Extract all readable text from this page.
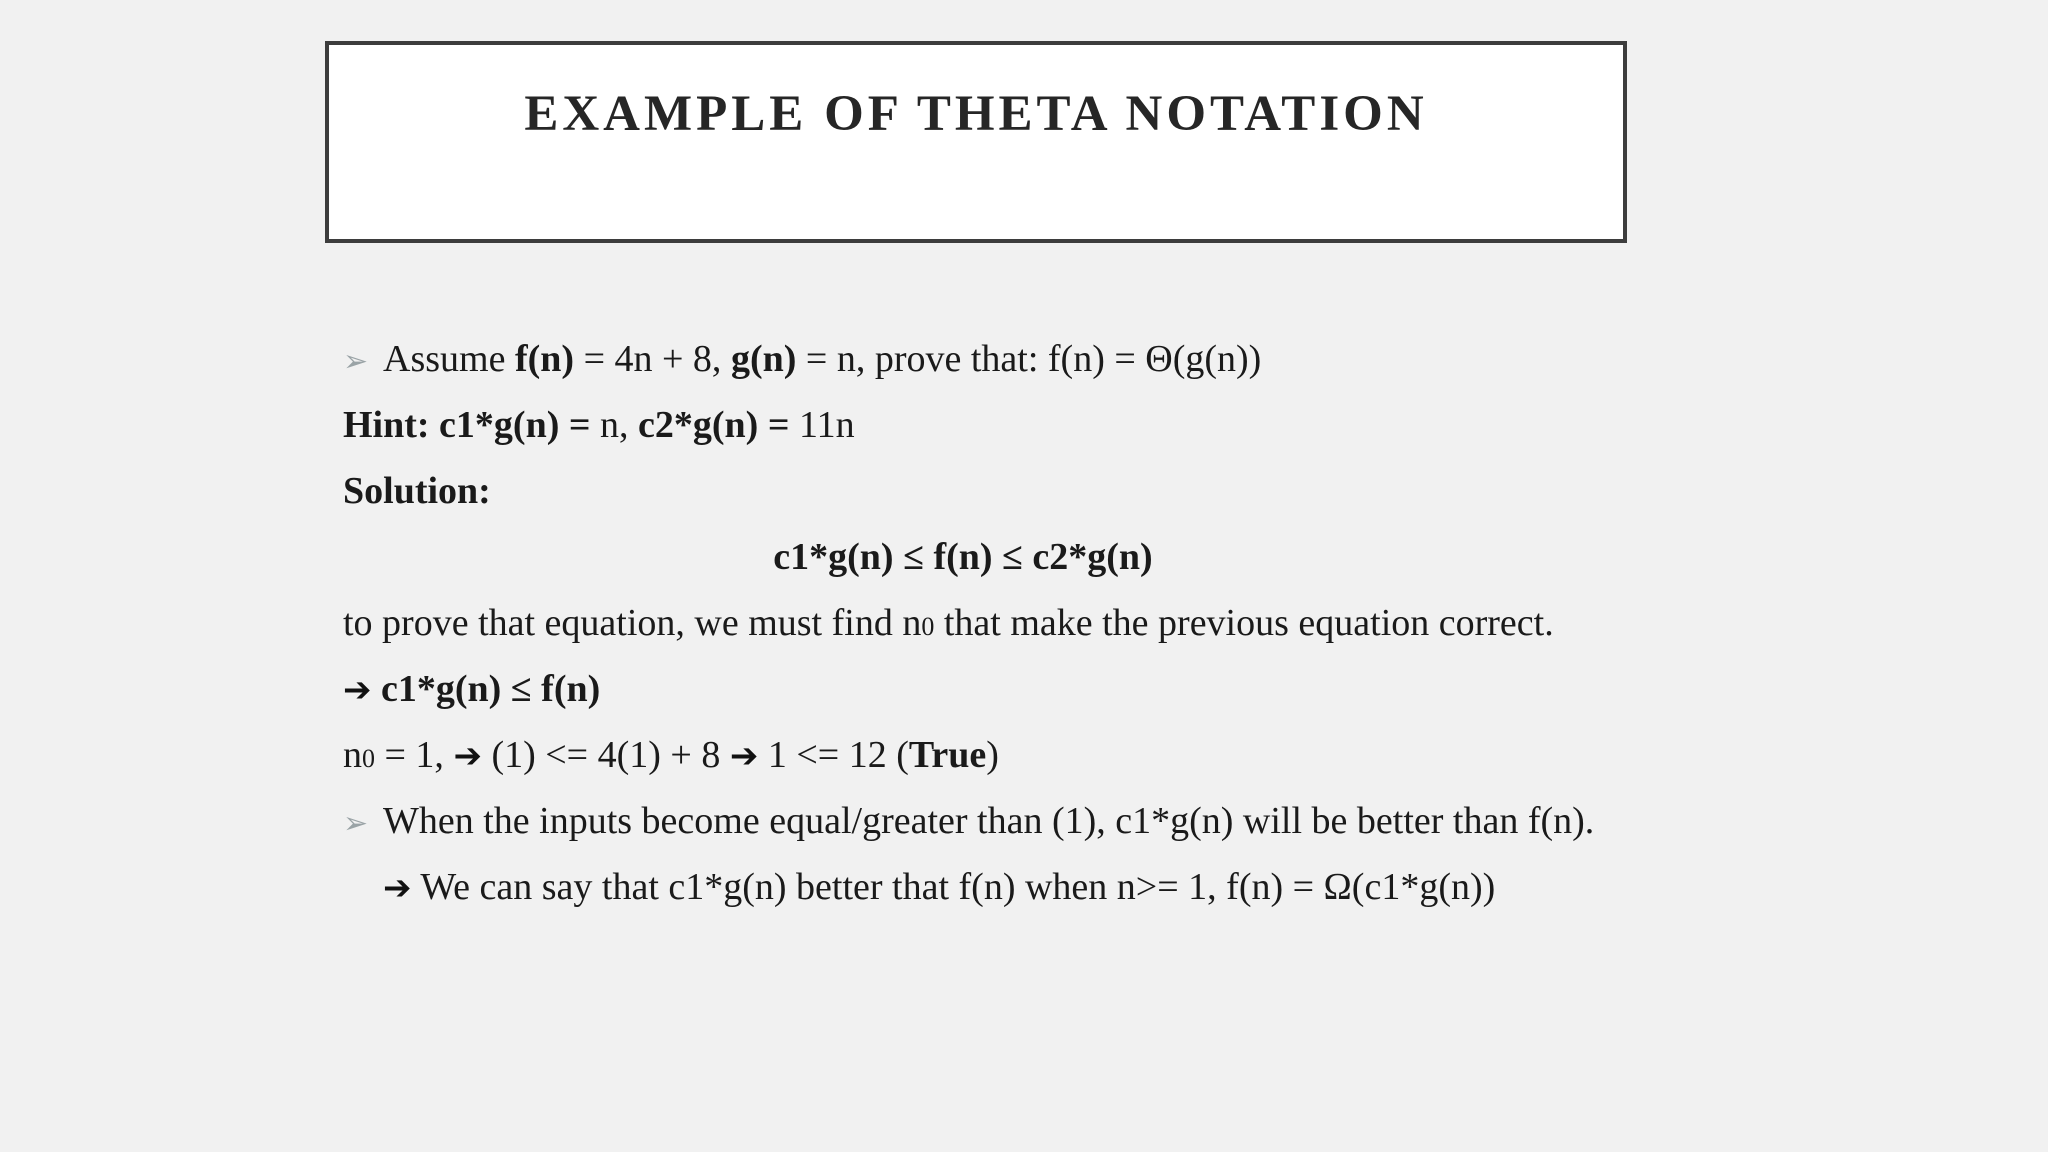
EXAMPLE OF THETA NOTATION
➢ Assume f(n) = 4n + 8, g(n) = n, prove that: f(n) = Θ(g(n))
Hint: c1*g(n) = n, c2*g(n) = 11n
Solution:
c1*g(n) ≤ f(n) ≤ c2*g(n)
to prove that equation, we must find n0 that make the previous equation correct.
➔ c1*g(n) ≤ f(n)
n0 = 1, ➔ (1) <= 4(1) + 8 ➔ 1 <= 12 (True)
➢ When the inputs become equal/greater than (1), c1*g(n) will be better than f(n).
➔ We can say that c1*g(n) better that f(n) when n>= 1, f(n) = Ω(c1*g(n))
